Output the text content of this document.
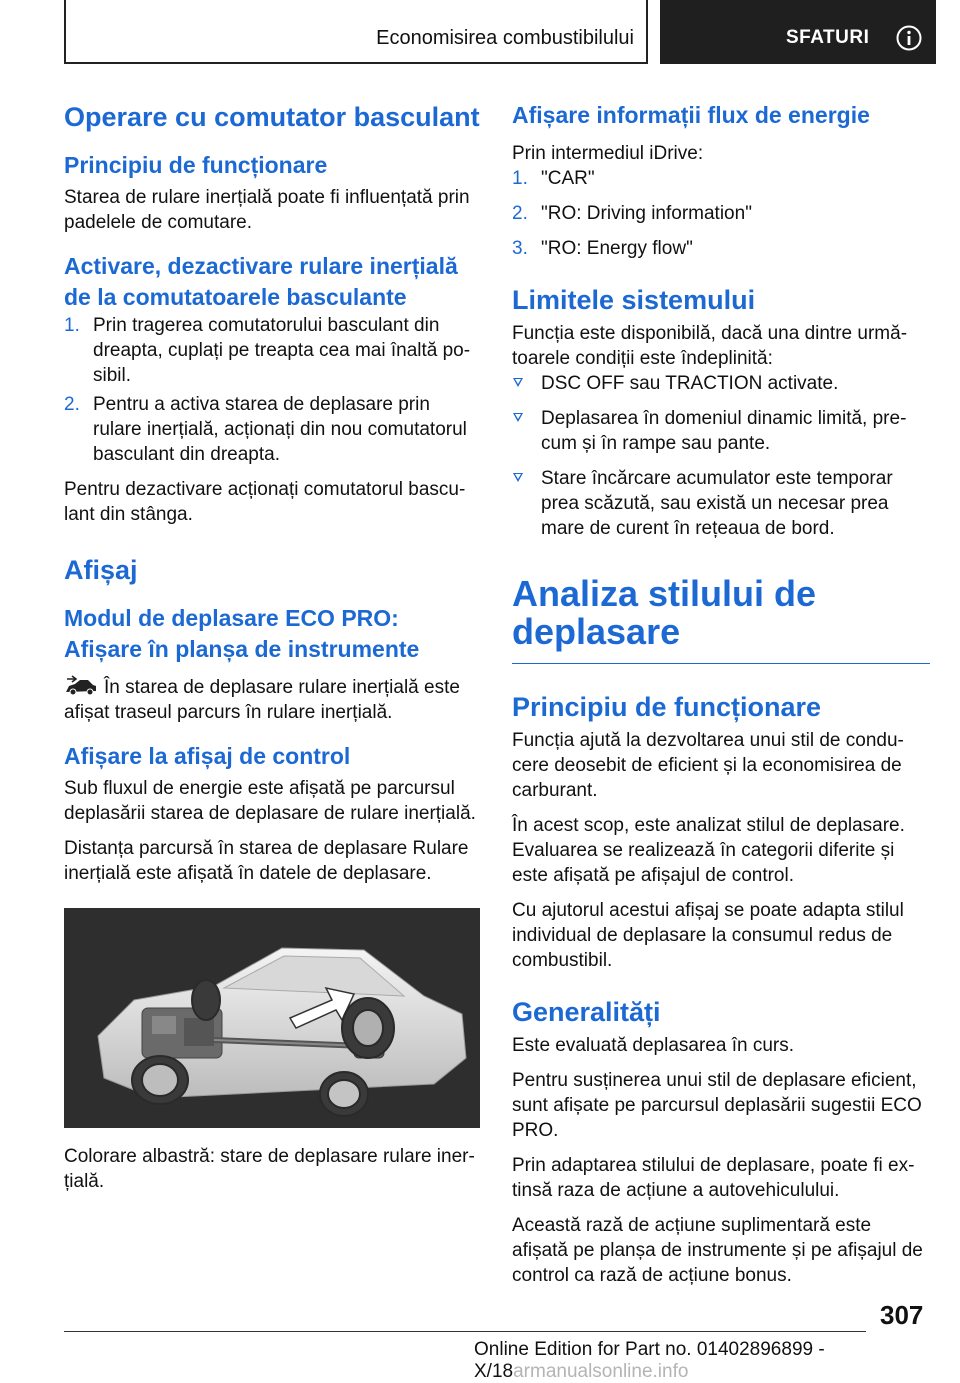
Economisirea combustibilului	SFATURI
Operare cu comutator basculant
Principiu de funcționare

Starea de rulare inerțială poate fi influențată prin padelele de comutare.

Activare, dezactivare rulare inerțială de la comutatoarele basculante
1. Prin tragerea comutatorului basculant din dreapta, cuplați pe treapta cea mai înaltă posibil.
2. Pentru a activa starea de deplasare prin rulare inerțială, acționați din nou comutatorul basculant din dreapta.

Pentru dezactivare acționați comutatorul basculant din stânga.

Afișaj
Modul de deplasare ECO PRO: Afișare în planșa de instrumente

În starea de deplasare rulare inerțială este afișat traseul parcurs în rulare inerțială.

Afișare la afișaj de control

Sub fluxul de energie este afișată pe parcursul deplasării starea de deplasare de rulare inerțială.

Distanța parcursă în starea de deplasare Rulare inerțială este afișată în datele de deplasare.

Colorare albastră: stare de deplasare rulare inerțială.

Afișare informații flux de energie

Prin intermediul iDrive:

1. "CAR"
2. "RO: Driving information"
3. "RO: Energy flow"
Limitele sistemului

Funcția este disponibilă, dacă una dintre următoarele condiții este îndeplinită:

DSC OFF sau TRACTION activate.
Deplasarea în domeniul dinamic limită, precum și în rampe sau pante.
Stare încărcare acumulator este temporar prea scăzută, sau există un necesar prea mare de curent în rețeaua de bord.
Analiza stilului de deplasare
Principiu de funcționare

Funcția ajută la dezvoltarea unui stil de conducere deosebit de eficient și la economisirea de carburant.

În acest scop, este analizat stilul de deplasare. Evaluarea se realizează în categorii diferite și este afișată pe afișajul de control.

Cu ajutorul acestui afișaj se poate adapta stilul individual de deplasare la consumul redus de combustibil.

Generalități

Este evaluată deplasarea în curs.

Pentru susținerea unui stil de deplasare eficient, sunt afișate pe parcursul deplasării sugestii ECO PRO.

Prin adaptarea stilului de deplasare, poate fi extinsă raza de acțiune a autovehiculului.

Această rază de acțiune suplimentară este afișată pe planșa de instrumente și pe afișajul de control ca rază de acțiune bonus.

307
Online Edition for Part no. 01402896899 - X/18armanualsonline.info
